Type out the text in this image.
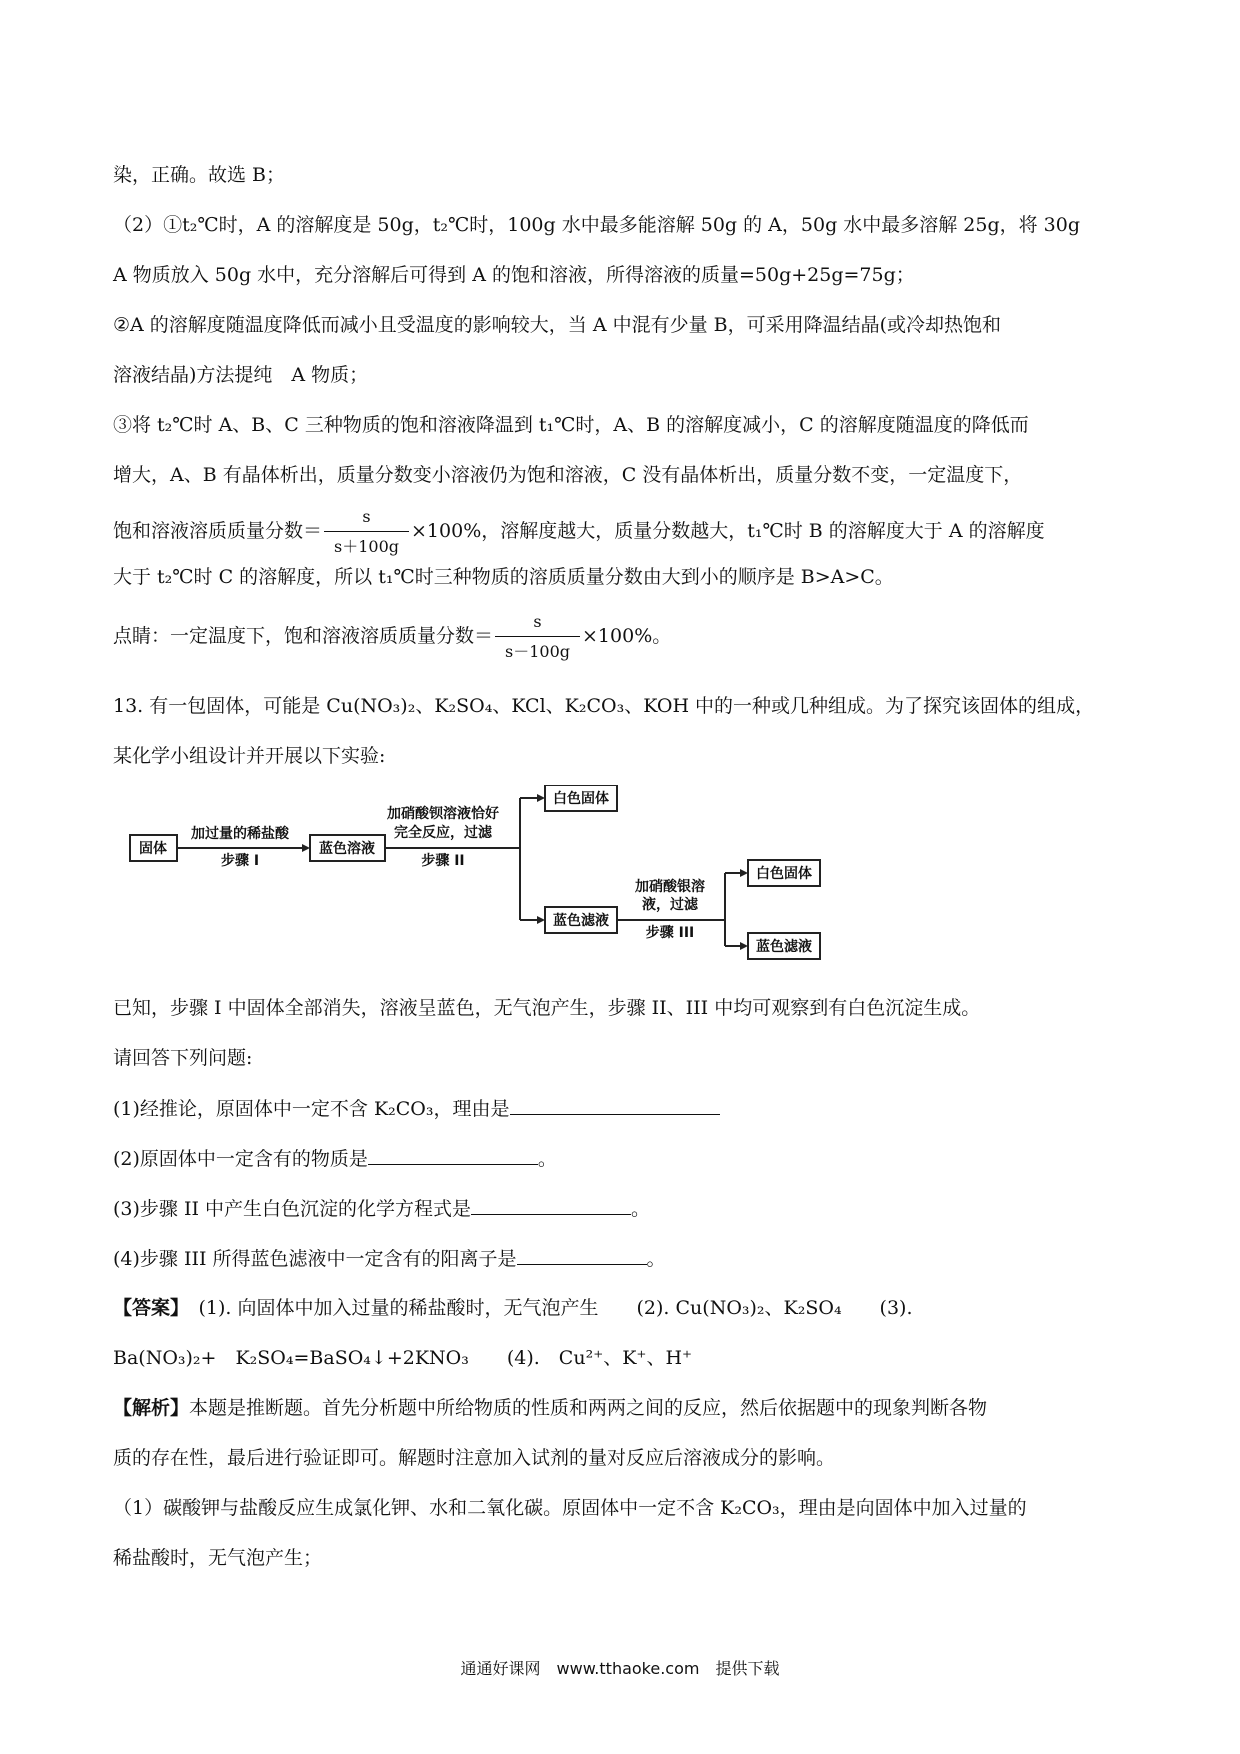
染，正确。故选 B；
（2）①t₂℃时，A 的溶解度是 50g，t₂℃时，100g 水中最多能溶解 50g 的 A，50g 水中最多溶解 25g，将 30g
A 物质放入 50g 水中，充分溶解后可得到 A 的饱和溶液，所得溶液的质量=50g+25g=75g；
②A 的溶解度随温度降低而减小且受温度的影响较大，当 A 中混有少量 B，可采用降温结晶(或冷却热饱和
溶液结晶)方法提纯　A 物质；
③将 t₂℃时 A、B、C 三种物质的饱和溶液降温到 t₁℃时，A、B 的溶解度减小，C 的溶解度随温度的降低而
增大，A、B 有晶体析出，质量分数变小溶液仍为饱和溶液，C 没有晶体析出，质量分数不变，一定温度下，
饱和溶液溶质质量分数＝ $\frac{s}{s+100g} \times 100\%$，溶解度越大，质量分数越大，t₁℃时 B 的溶解度大于 A 的溶解度
大于 t₂℃时 C 的溶解度，所以 t₁℃时三种物质的溶质质量分数由大到小的顺序是 B>A>C。
点睛：一定温度下，饱和溶液溶质质量分数＝ $\frac{s}{s-100g} \times 100\%$。
13. 有一包固体，可能是 Cu(NO₃)₂、K₂SO₄、KCl、K₂CO₃、KOH 中的一种或几种组成。为了探究该固体的组成，
某化学小组设计并开展以下实验:
固体
加过量的稀盐酸
步骤 I
蓝色溶液
加硝酸钡溶液恰好
完全反应，过滤
步骤 II
白色固体
蓝色滤液
加硝酸银溶
液，过滤
步骤 III
白色固体
蓝色滤液
已知，步骤 I 中固体全部消失，溶液呈蓝色，无气泡产生，步骤 II、III 中均可观察到有白色沉淀生成。
请回答下列问题:
(1)经推论，原固体中一定不含 K₂CO₃，理由是
(2)原固体中一定含有的物质是	。
(3)步骤 II 中产生白色沉淀的化学方程式是	。
(4)步骤 III 所得蓝色滤液中一定含有的阳离子是	。
【答案】　(1). 向固体中加入过量的稀盐酸时，无气泡产生　　(2). Cu(NO₃)₂、K₂SO₄　　(3).
Ba(NO₃)₂+　K₂SO₄=BaSO₄↓+2KNO₃　　(4).　Cu²⁺、K⁺、H⁺
【解析】本题是推断题。首先分析题中所给物质的性质和两两之间的反应，然后依据题中的现象判断各物
质的存在性，最后进行验证即可。解题时注意加入试剂的量对反应后溶液成分的影响。
（1）碳酸钾与盐酸反应生成氯化钾、水和二氧化碳。原固体中一定不含 K₂CO₃，理由是向固体中加入过量的
稀盐酸时，无气泡产生；
通通好课网　www.tthaoke.com　提供下载
